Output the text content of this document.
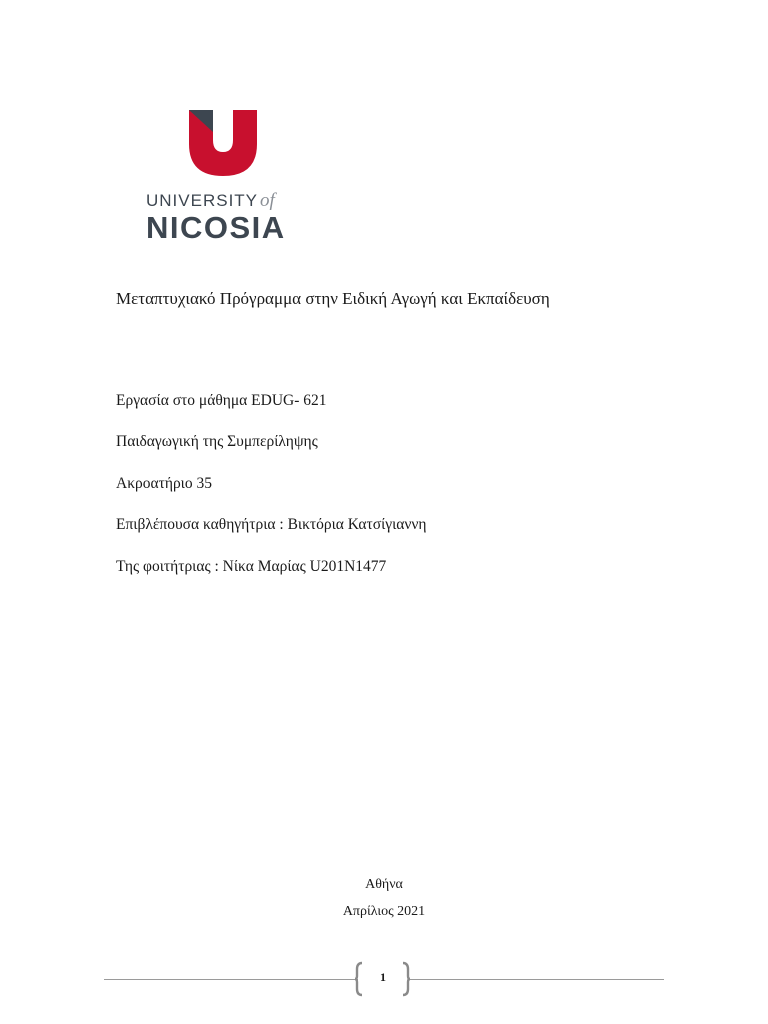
UNIVERSITY of
NICOSIA
Μεταπτυχιακό Πρόγραμμα στην Ειδική Αγωγή και Εκπαίδευση
Εργασία στο μάθημα EDUG- 621
Παιδαγωγική της Συμπερίληψης
Ακροατήριο 35
Επιβλέπουσα καθηγήτρια : Βικτόρια Κατσίγιαννη
Της φοιτήτριας : Νίκα Μαρίας U201N1477
Αθήνα
Απρίλιος 2021
1
